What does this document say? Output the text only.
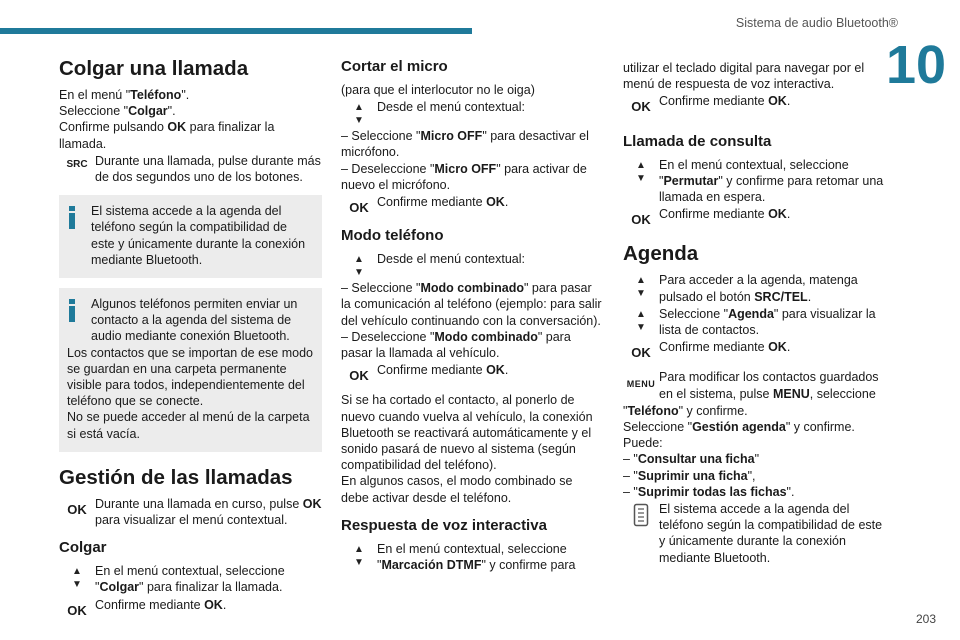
Sistema de audio Bluetooth®
10
203
Colgar una llamada

En el menú "Teléfono".

Seleccione "Colgar".

Confirme pulsando OK para finalizar la llamada.

SRC Durante una llamada, pulse durante más de dos segundos uno de los botones.

El sistema accede a la agenda del teléfono según la compatibilidad de este y únicamente durante la conexión mediante Bluetooth.

Algunos teléfonos permiten enviar un contacto a la agenda del sistema de audio mediante conexión Bluetooth.

Los contactos que se importan de ese modo se guardan en una carpeta permanente visible para todos, independientemente del teléfono que se conecte.

No se puede acceder al menú de la carpeta si está vacía.

Gestión de las llamadas
OK Durante una llamada en curso, pulse OK para visualizar el menú contextual.
Colgar
▲
▼

En el menú contextual, seleccione

"Colgar" para finalizar la llamada.

OK Confirme mediante OK.
Cortar el micro

(para que el interlocutor no le oiga)

▲
▼
Desde el menú contextual:

– Seleccione "Micro OFF" para desactivar el micrófono.

– Deseleccione "Micro OFF" para activar de nuevo el micrófono.

OK Confirme mediante OK.
Modo teléfono
▲
▼
Desde el menú contextual:

– Seleccione "Modo combinado" para pasar la comunicación al teléfono (ejemplo: para salir del vehículo continuando con la conversación).

– Deseleccione "Modo combinado" para pasar la llamada al vehículo.

OK Confirme mediante OK.

Si se ha cortado el contacto, al ponerlo de nuevo cuando vuelva al vehículo, la conexión Bluetooth se reactivará automáticamente y el sonido pasará de nuevo al sistema (según compatibilidad del teléfono).

En algunos casos, el modo combinado se debe activar desde el teléfono.

Respuesta de voz interactiva
▲
▼

En el menú contextual, seleccione

"Marcación DTMF" y confirme para

utilizar el teclado digital para navegar por el menú de respuesta de voz interactiva.

OK Confirme mediante OK.
Llamada de consulta
▲
▼

En el menú contextual, seleccione

"Permutar" y confirme para retomar una llamada en espera.

OK Confirme mediante OK.
Agenda
▲
▼
Para acceder a la agenda, matenga pulsado el botón SRC/TEL.
▲
▼
Seleccione "Agenda" para visualizar la lista de contactos.
OK Confirme mediante OK.
MENU Para modificar los contactos guardados en el sistema, pulse MENU, seleccione

"Teléfono" y confirme.

Seleccione "Gestión agenda" y confirme.

Puede:

– "Consultar una ficha"

– "Suprimir una ficha",

– "Suprimir todas las fichas".

El sistema accede a la agenda del teléfono según la compatibilidad de este y únicamente durante la conexión mediante Bluetooth.
